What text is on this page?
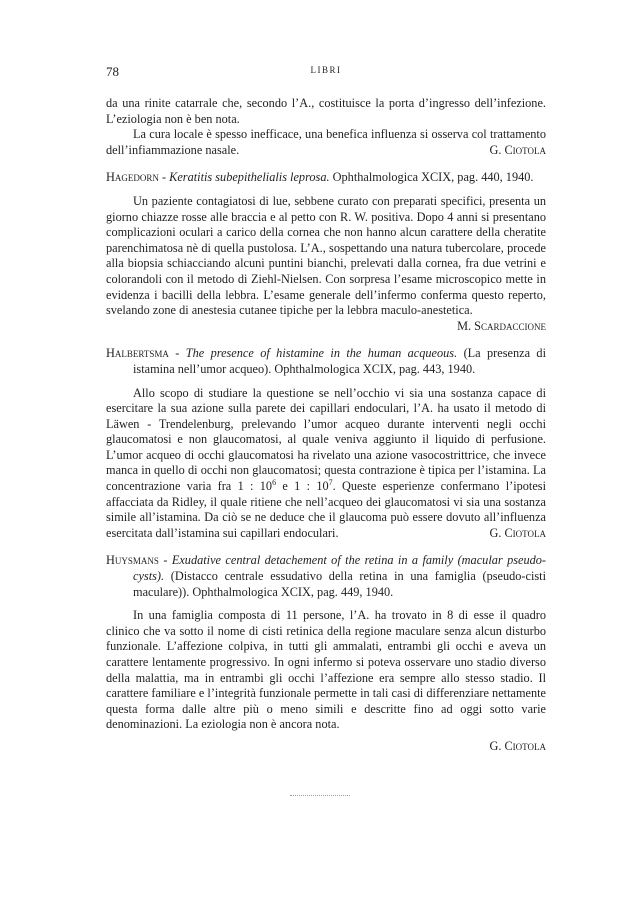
78	LIBRI

da una rinite catarrale che, secondo l’A., costituisce la porta d’ingresso dell’infezione. L’eziologia non è ben nota.

La cura locale è spesso inefficace, una benefica influenza si osserva col trattamento dell’infiammazione nasale.	G. Ciotola

Hagedorn - Keratitis subepithelialis leprosa. Ophthalmologica XCIX, pag. 440, 1940.

Un paziente contagiatosi di lue, sebbene curato con preparati specifici, presenta un giorno chiazze rosse alle braccia e al petto con R. W. positiva. Dopo 4 anni si presentano complicazioni oculari a carico della cornea che non hanno alcun carattere della cheratite parenchimatosa nè di quella pustolosa. L’A., sospettando una natura tubercolare, procede alla biopsia schiacciando alcuni puntini bianchi, prelevati dalla cornea, fra due vetrini e colorandoli con il metodo di Ziehl-Nielsen. Con sorpresa l’esame microscopico mette in evidenza i bacilli della lebbra. L’esame generale dell’infermo conferma questo reperto, svelando zone di anestesia cutanee tipiche per la lebbra maculo-anestetica.

M. Scardaccione

Halbertsma - The presence of histamine in the human acqueous. (La presenza di istamina nell’umor acqueo). Ophthalmologica XCIX, pag. 443, 1940.

Allo scopo di studiare la questione se nell’occhio vi sia una sostanza capace di esercitare la sua azione sulla parete dei capillari endoculari, l’A. ha usato il metodo di Läwen - Trendelenburg, prelevando l’umor acqueo durante interventi negli occhi glaucomatosi e non glaucomatosi, al quale veniva aggiunto il liquido di perfusione. L’umor acqueo di occhi glaucomatosi ha rivelato una azione vasocostrittrice, che invece manca in quello di occhi non glaucomatosi; questa contrazione è tipica per l’istamina. La concentrazione varia fra 1 : $10^6$ e 1 : $10^7$. Queste esperienze confermano l’ipotesi affacciata da Ridley, il quale ritiene che nell’acqueo dei glaucomatosi vi sia una sostanza simile all’istamina. Da ciò se ne deduce che il glaucoma può essere dovuto all’influenza esercitata dall’istamina sui capillari endoculari.	G. Ciotola

Huysmans - Exudative central detachement of the retina in a family (macular pseudo-cysts). (Distacco centrale essudativo della retina in una famiglia (pseudo-cisti maculare)). Ophthalmologica XCIX, pag. 449, 1940.

In una famiglia composta di 11 persone, l’A. ha trovato in 8 di esse il quadro clinico che va sotto il nome di cisti retinica della regione maculare senza alcun disturbo funzionale. L’affezione colpiva, in tutti gli ammalati, entrambi gli occhi e aveva un carattere lentamente progressivo. In ogni infermo si poteva osservare uno stadio diverso della malattia, ma in entrambi gli occhi l’affezione era sempre allo stesso stadio. Il carattere familiare e l’integrità funzionale permette in tali casi di differenziare nettamente questa forma dalle altre più o meno simili e descritte fino ad oggi sotto varie denominazioni. La eziologia non è ancora nota.

G. Ciotola
